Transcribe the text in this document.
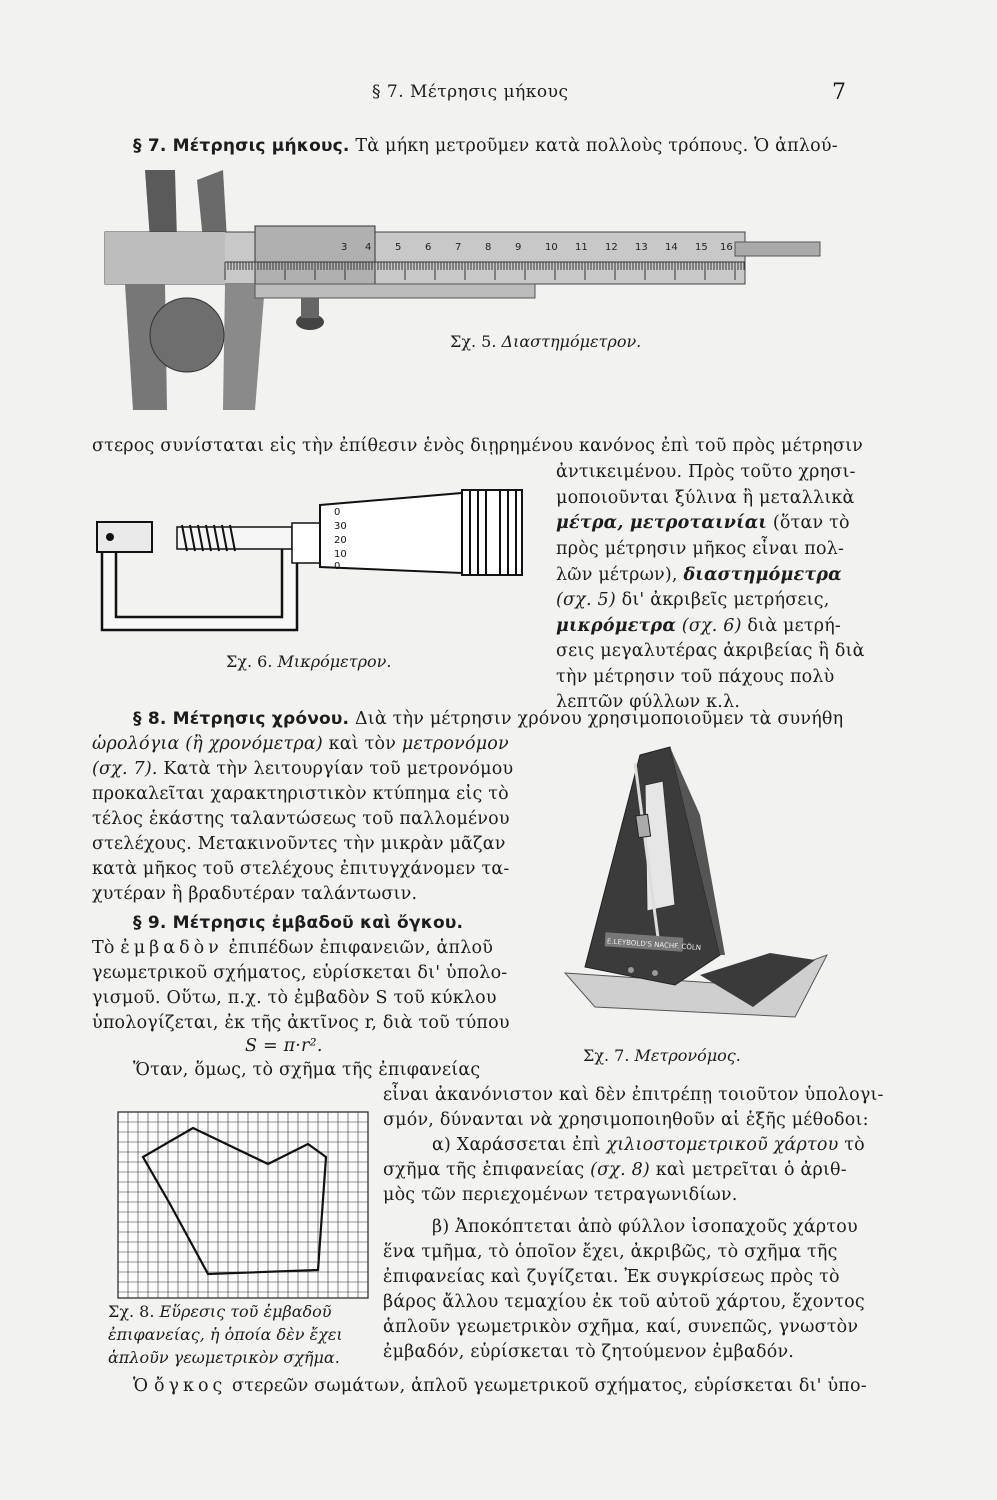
§ 7. Μέτρησις μήκους	7
§ 7. Μέτρησις μήκους. Τὰ μήκη μετροῦμεν κατὰ πολλοὺς τρόπους. Ὁ ἁπλού-
3 4 5 6 7 8 9 10 11 12 13 14 15 16
Σχ. 5. Διαστημόμετρον.
στερος συνίσταται εἰς τὴν ἐπίθεσιν ἑνὸς διῃρημένου κανόνος ἐπὶ τοῦ πρὸς μέτρησιν
ἀντικειμένου. Πρὸς τοῦτο χρησι-
μοποιοῦνται ξύλινα ἢ μεταλλικὰ
μέτρα, μετροταινίαι (ὅταν τὸ
πρὸς μέτρησιν μῆκος εἶναι πολ-
λῶν μέτρων), διαστημόμετρα
(σχ. 5) δι' ἀκριβεῖς μετρήσεις,
μικρόμετρα (σχ. 6) διὰ μετρή-
σεις μεγαλυτέρας ἀκριβείας ἢ διὰ
τὴν μέτρησιν τοῦ πάχους πολὺ
λεπτῶν φύλλων κ.λ.
0
30
20
10
0
Σχ. 6. Μικρόμετρον.
§ 8. Μέτρησις χρόνου. Διὰ τὴν μέτρησιν χρόνου χρησιμοποιοῦμεν τὰ συνήθη
ὡρολόγια (ἢ χρονόμετρα) καὶ τὸν μετρονόμον
(σχ. 7). Κατὰ τὴν λειτουργίαν τοῦ μετρονόμου
προκαλεῖται χαρακτηριστικὸν κτύπημα εἰς τὸ
τέλος ἑκάστης ταλαντώσεως τοῦ παλλομένου
στελέχους. Μετακινοῦντες τὴν μικρὰν μᾶζαν
κατὰ μῆκος τοῦ στελέχους ἐπιτυγχάνομεν τα-
χυτέραν ἢ βραδυτέραν ταλάντωσιν.
E.LEYBOLD'S NACHF. CÖLN
§ 9. Μέτρησις ἐμβαδοῦ καὶ ὄγκου.
Τὸ ἐμβαδὸν ἐπιπέδων ἐπιφανειῶν, ἁπλοῦ
γεωμετρικοῦ σχήματος, εὑρίσκεται δι' ὑπολο-
γισμοῦ. Οὕτω, π.χ. τὸ ἐμβαδὸν S τοῦ κύκλου
ὑπολογίζεται, ἐκ τῆς ἀκτῖνος r, διὰ τοῦ τύπου
S = π·r².
Ὅταν, ὅμως, τὸ σχῆμα τῆς ἐπιφανείας
Σχ. 7. Μετρονόμος.
εἶναι ἀκανόνιστον καὶ δὲν ἐπιτρέπῃ τοιοῦτον ὑπολογι-
σμόν, δύνανται νὰ χρησιμοποιηθοῦν αἱ ἑξῆς μέθοδοι:
α) Χαράσσεται ἐπὶ χιλιοστομετρικοῦ χάρτου τὸ
σχῆμα τῆς ἐπιφανείας (σχ. 8) καὶ μετρεῖται ὁ ἀριθ-
μὸς τῶν περιεχομένων τετραγωνιδίων.
β) Ἀποκόπτεται ἀπὸ φύλλον ἰσοπαχοῦς χάρτου
ἕνα τμῆμα, τὸ ὁποῖον ἔχει, ἀκριβῶς, τὸ σχῆμα τῆς
ἐπιφανείας καὶ ζυγίζεται. Ἐκ συγκρίσεως πρὸς τὸ
βάρος ἄλλου τεμαχίου ἐκ τοῦ αὐτοῦ χάρτου, ἔχοντος
ἁπλοῦν γεωμετρικὸν σχῆμα, καί, συνεπῶς, γνωστὸν
ἐμβαδόν, εὑρίσκεται τὸ ζητούμενον ἐμβαδόν.
Σχ. 8. Εὕρεσις τοῦ ἐμβαδοῦ
ἐπιφανείας, ἡ ὁποία δὲν ἔχει
ἁπλοῦν γεωμετρικὸν σχῆμα.
Ὁ ὄγκος στερεῶν σωμάτων, ἁπλοῦ γεωμετρικοῦ σχήματος, εὑρίσκεται δι' ὑπο-
